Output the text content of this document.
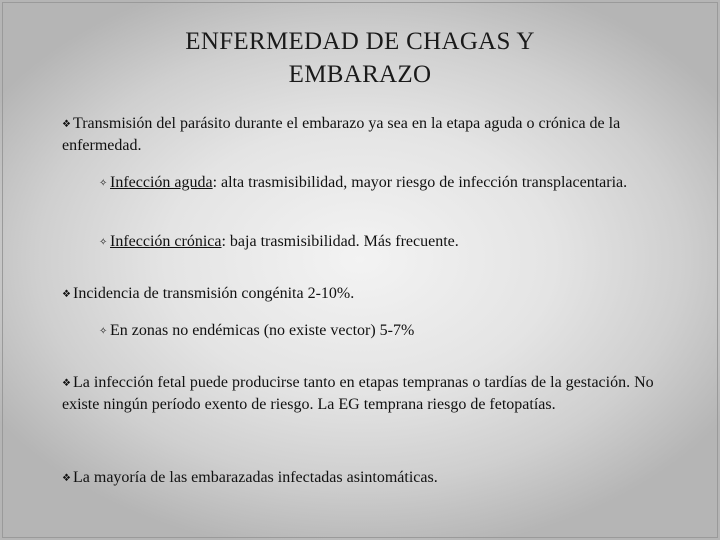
ENFERMEDAD DE CHAGAS Y
EMBARAZO
❖ Transmisión del parásito durante el embarazo ya sea en la etapa aguda o crónica de la enfermedad.
✧ Infección aguda: alta trasmisibilidad, mayor riesgo de infección transplacentaria.
✧ Infección crónica: baja trasmisibilidad. Más frecuente.
❖ Incidencia de transmisión congénita 2-10%.
✧ En zonas no endémicas (no existe vector) 5-7%
❖ La infección fetal puede producirse tanto en etapas tempranas o tardías de la gestación. No existe ningún período exento de riesgo. La EG temprana riesgo de fetopatías.
❖ La mayoría de las embarazadas infectadas asintomáticas.
